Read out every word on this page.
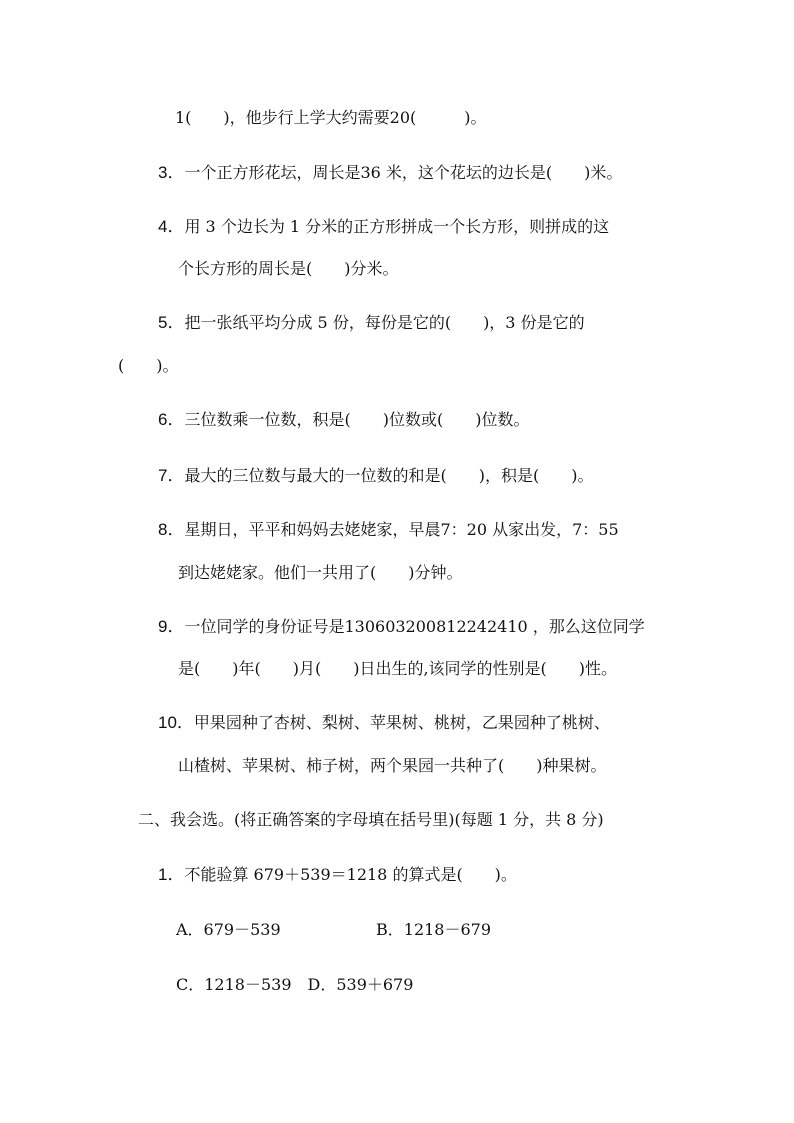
1(　　)，他步行上学大约需要20(　　　)。
3．一个正方形花坛，周长是36 米，这个花坛的边长是(　　)米。
4．用 3 个边长为 1 分米的正方形拼成一个长方形，则拼成的这
个长方形的周长是(　　)分米。
5．把一张纸平均分成 5 份，每份是它的(　　)，3 份是它的
(　　)。
6．三位数乘一位数，积是(　　)位数或(　　)位数。
7．最大的三位数与最大的一位数的和是(　　)，积是(　　)。
8．星期日，平平和妈妈去姥姥家，早晨7：20 从家出发，7：55
到达姥姥家。他们一共用了(　　)分钟。
9．一位同学的身份证号是130603200812242410 ，那么这位同学
是(　　)年(　　)月(　　)日出生的,该同学的性别是(　　)性。
10．甲果园种了杏树、梨树、苹果树、桃树，乙果园种了桃树、
山楂树、苹果树、柿子树，两个果园一共种了(　　)种果树。
二、我会选。(将正确答案的字母填在括号里)(每题 1 分，共 8 分)
1．不能验算 679＋539＝1218 的算式是(　　)。
A．679－539	B．1218－679
C．1218－539　D．539＋679
